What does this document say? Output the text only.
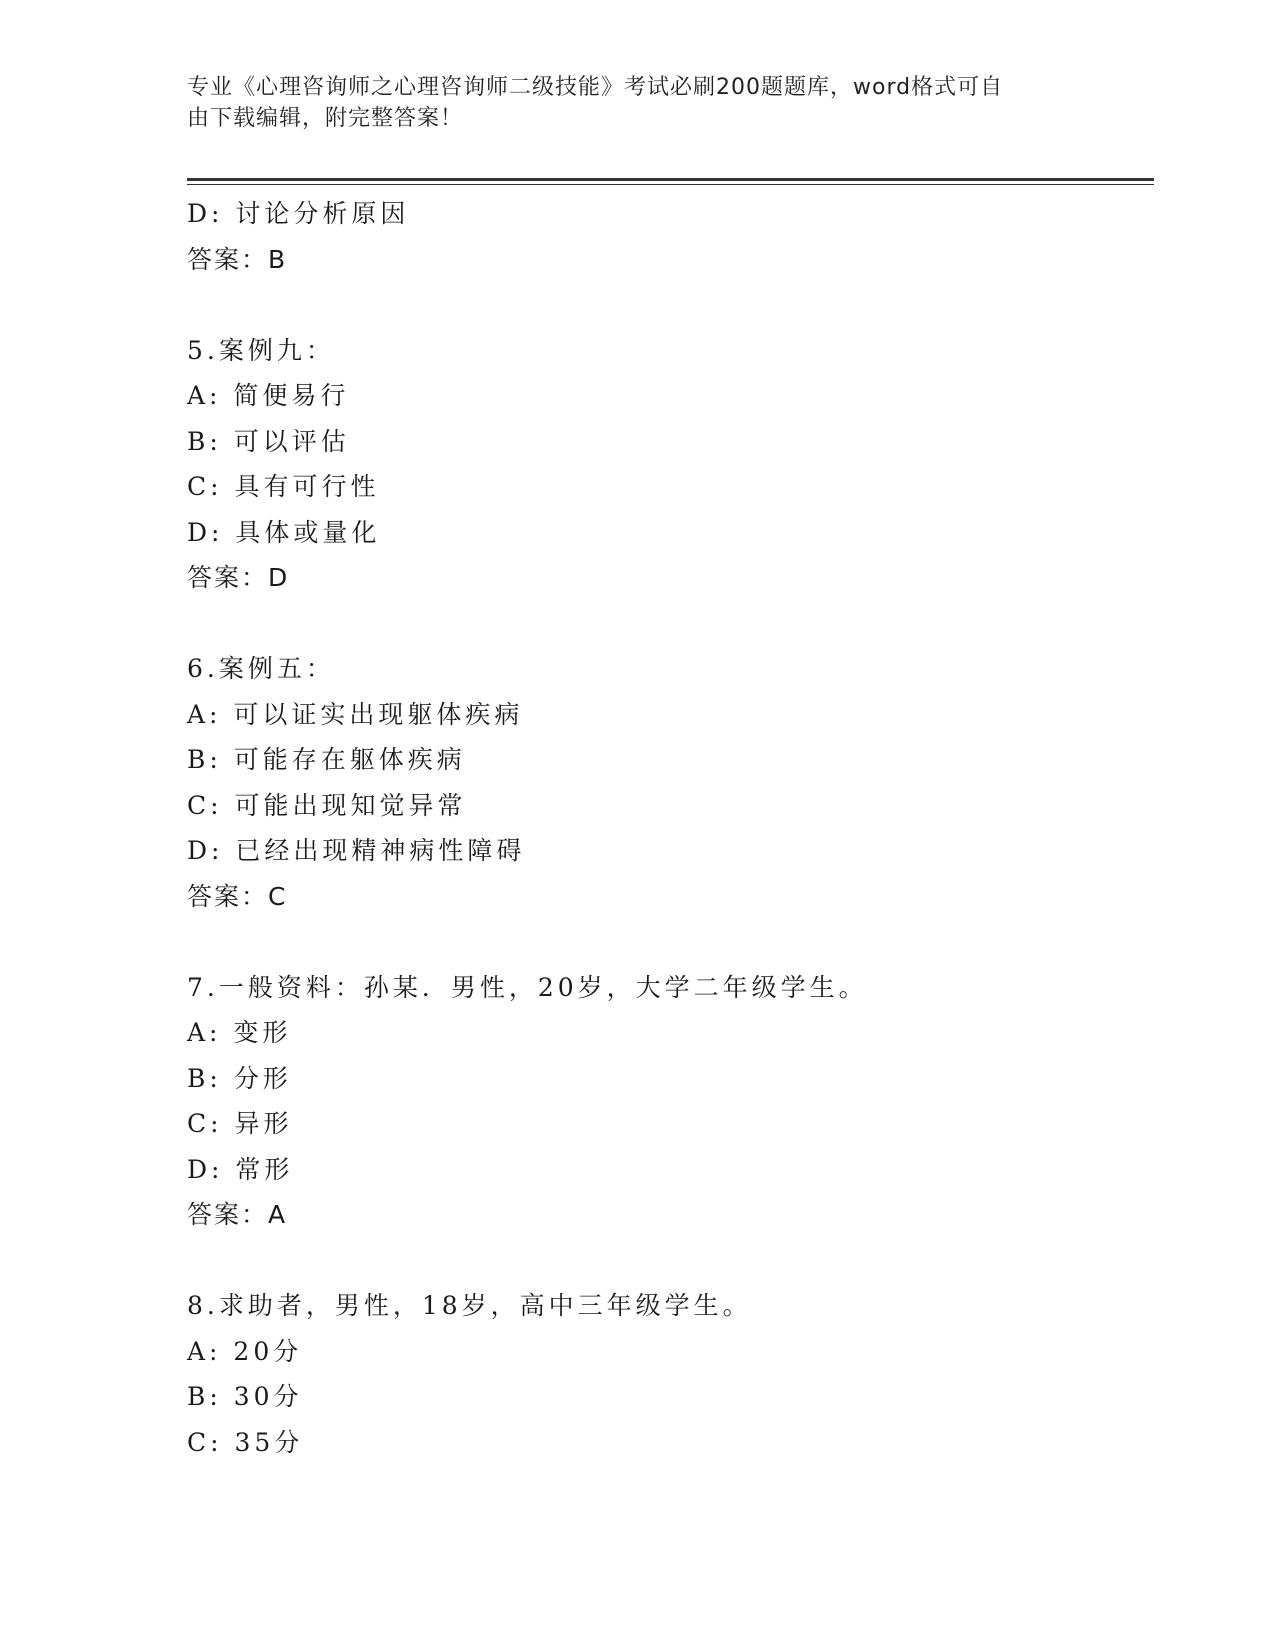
专业《心理咨询师之心理咨询师二级技能》考试必刷200题题库，word格式可自
由下载编辑，附完整答案！
D: 讨论分析原因
答案：B
5.案例九：
A: 简便易行
B: 可以评估
C: 具有可行性
D: 具体或量化
答案：D
6.案例五：
A: 可以证实出现躯体疾病
B: 可能存在躯体疾病
C: 可能出现知觉异常
D: 已经出现精神病性障碍
答案：C
7.一般资料：孙某．男性，20岁，大学二年级学生。
A: 变形
B: 分形
C: 异形
D: 常形
答案：A
8.求助者，男性，18岁，高中三年级学生。
A: 20分
B: 30分
C: 35分
